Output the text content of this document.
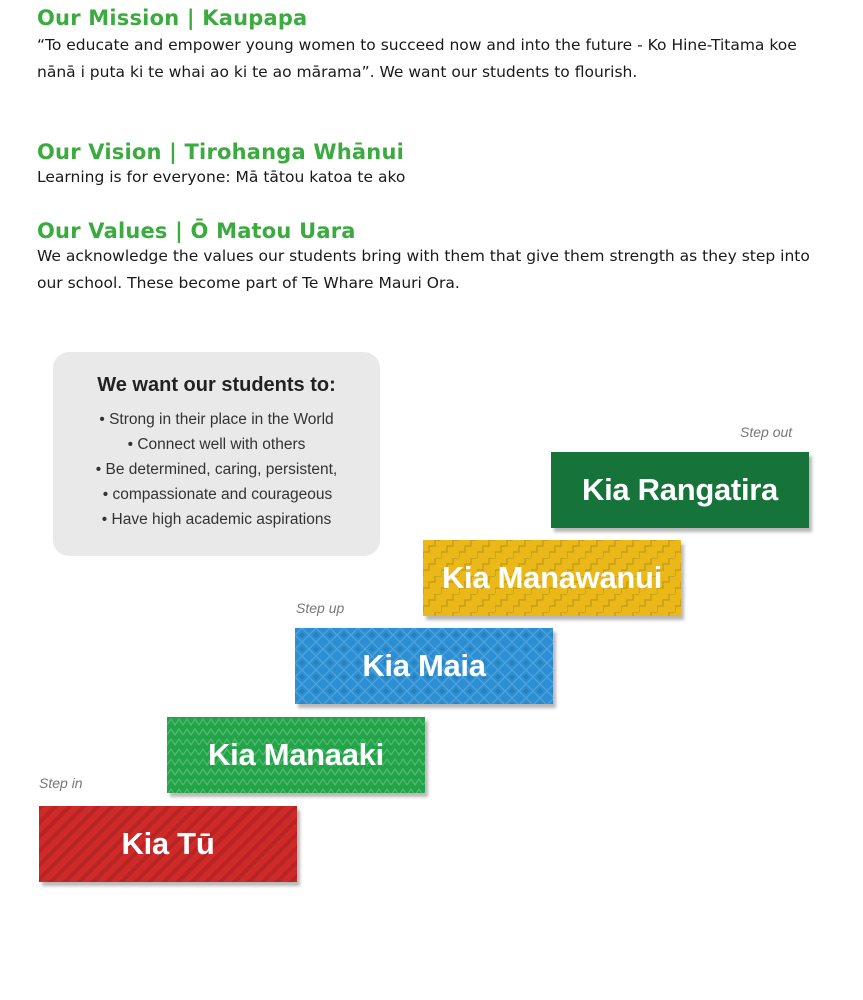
Our Mission | Kaupapa

“To educate and empower young women to succeed now and into the future - Ko Hine-Titama koe nānā i puta ki te whai ao ki te ao mārama”. We want our students to flourish.

Our Vision | Tirohanga Whānui

Learning is for everyone: Mā tātou katoa te ako

Our Values | Ō Matou Uara

We acknowledge the values our students bring with them that give them strength as they step into our school. These become part of Te Whare Mauri Ora.

We want our students to:

• Strong in their place in the World
• Connect well with others
• Be determined, caring, persistent,
• compassionate and courageous
• Have high academic aspirations
Step out
Step up
Step in
Kia Rangatira
Kia Manawanui
Kia Maia
Kia Manaaki
Kia Tū
